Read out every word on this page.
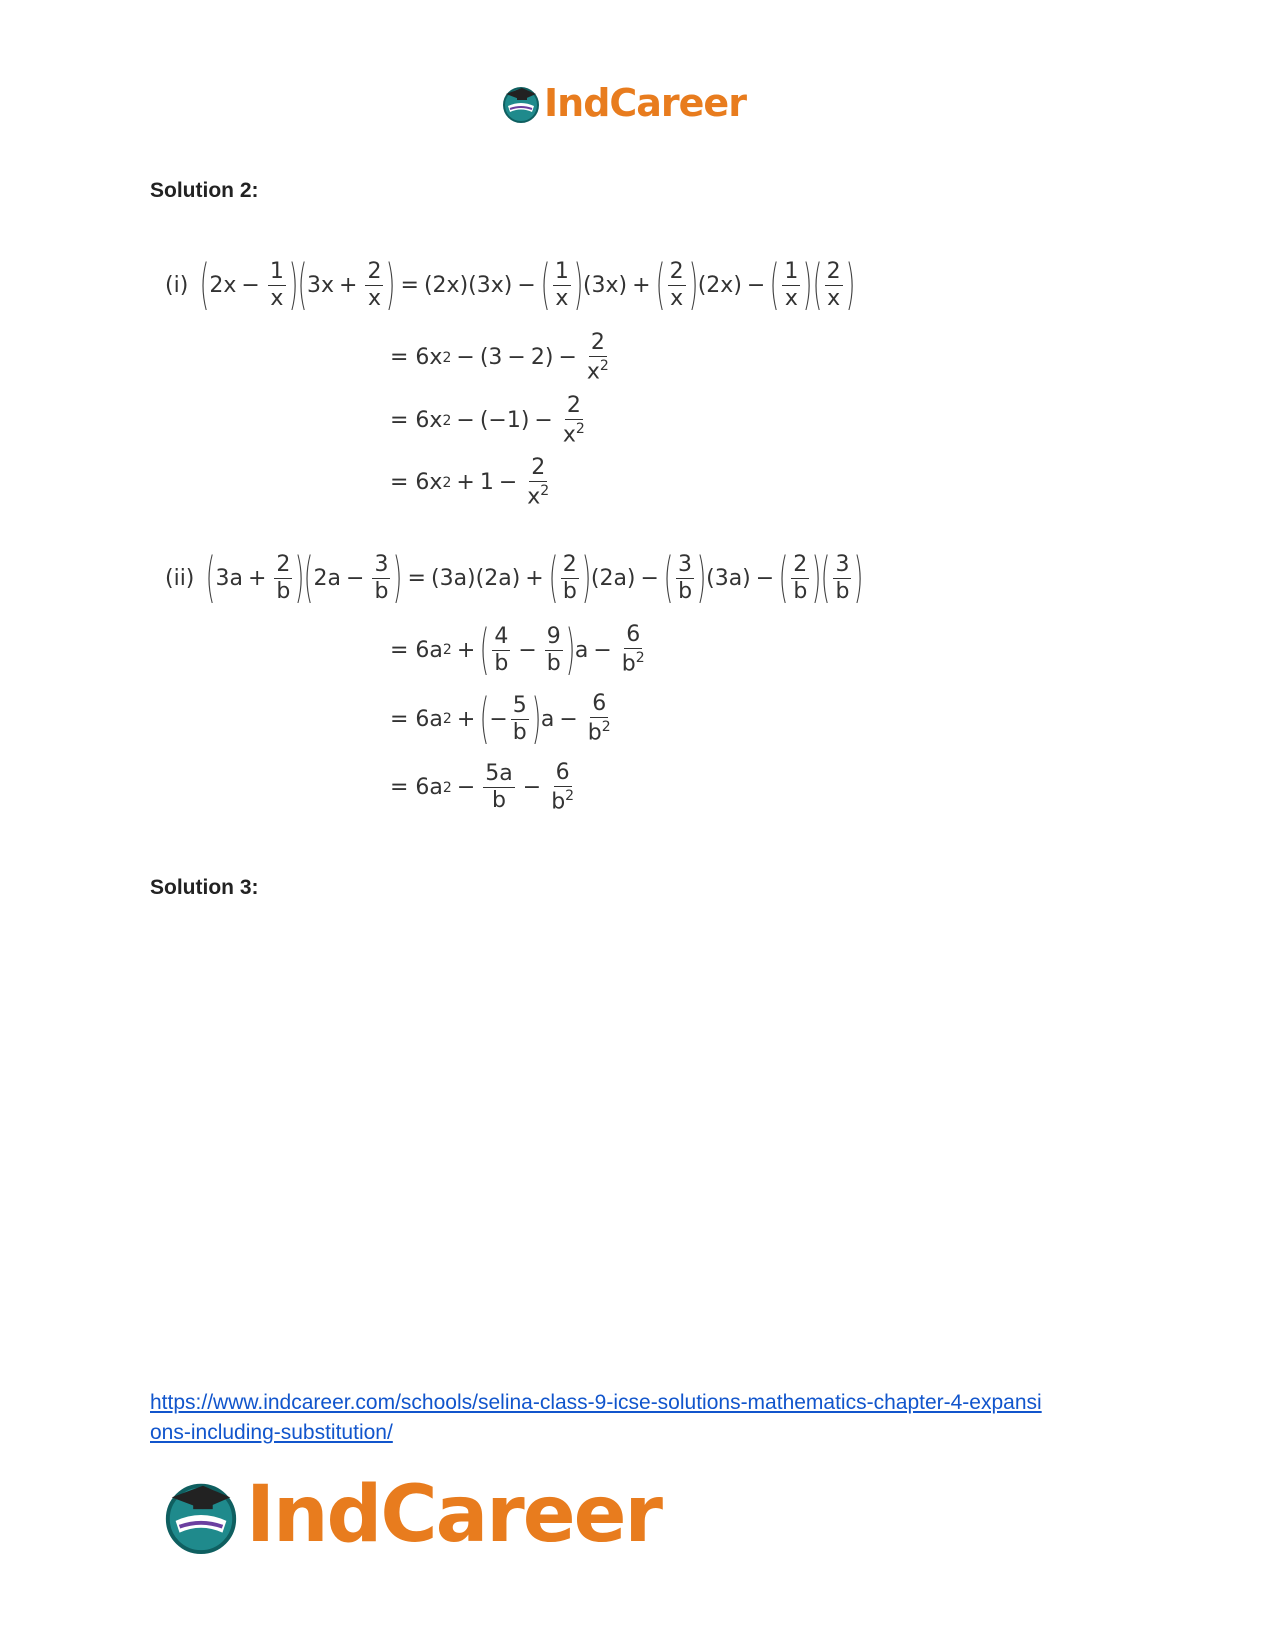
IndCareer
Solution 2:
(i) ( $2x - \frac{1}{x}$ ) ( $3x + \frac{2}{x}$ ) = (2x)(3x) − ( $\frac{1}{x}$ ) (3x) + ( $\frac{2}{x}$ ) (2x) − ( $\frac{1}{x}$ ) ( $\frac{2}{x}$ )
= 6x $2 - (3 - 2) - \frac{2}{x^2}$
= 6x $2 - (-1) - \frac{2}{x^2}$
= 6x $2 + 1 - \frac{2}{x^2}$
(ii) ( $3a + \frac{2}{b}$ ) ( $2a - \frac{3}{b}$ ) = (3a)(2a) + ( $\frac{2}{b}$ ) (2a) − ( $\frac{3}{b}$ ) (3a) − ( $\frac{2}{b}$ ) ( $\frac{3}{b}$ )
= 6a 2 + ( $\frac{4}{b} - \frac{9}{b}$ ) $a - \frac{6}{b^2}$
= 6a 2 + ( − $\frac{5}{b}$ ) $a - \frac{6}{b^2}$
= 6a $2 - \frac{5a}{b} - \frac{6}{b^2}$
Solution 3:
https://www.indcareer.com/schools/selina-class-9-icse-solutions-mathematics-chapter-4-expansi
ons-including-substitution/
IndCareer
